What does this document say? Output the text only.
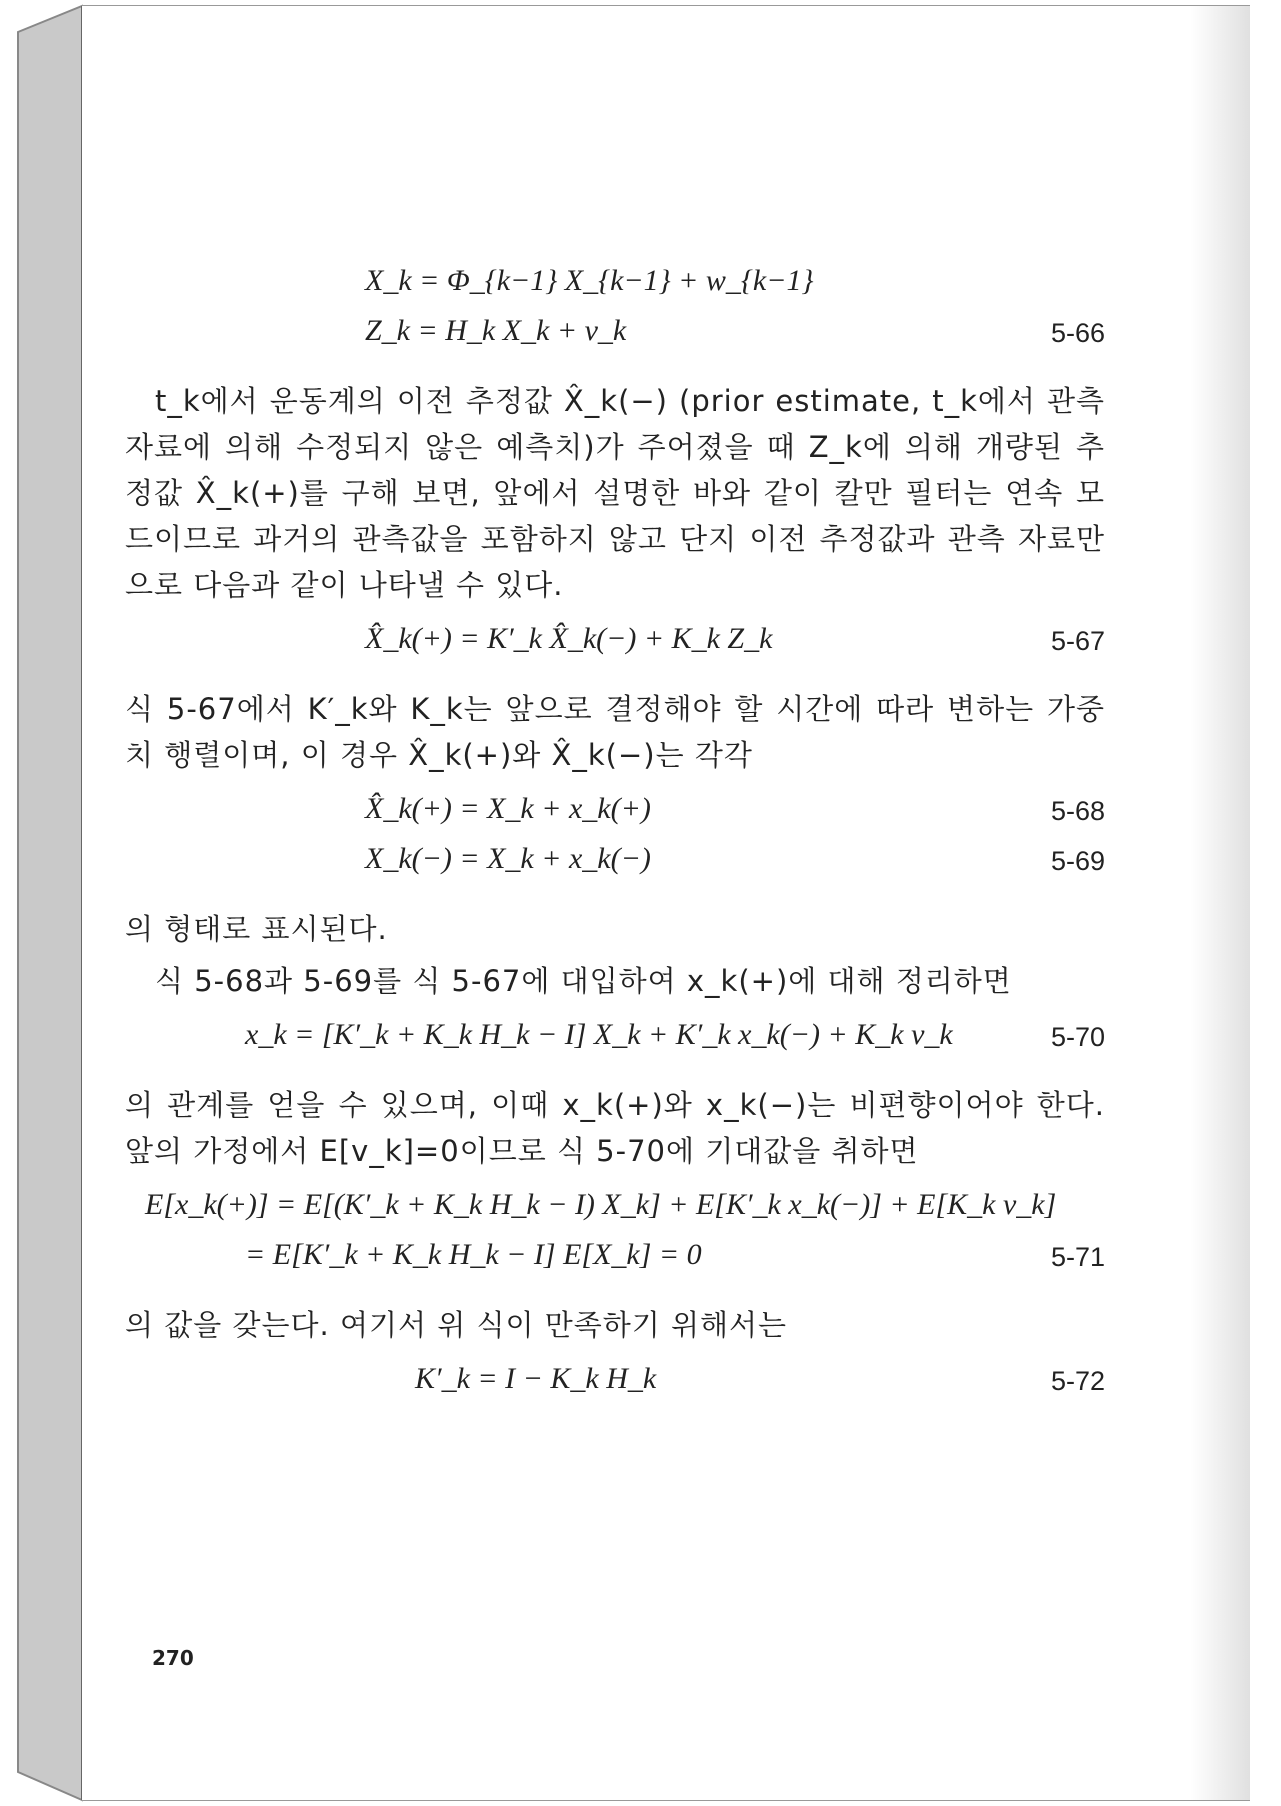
X_k = Φ_{k−1} X_{k−1} + w_{k−1}
Z_k = H_k X_k + v_k	5-66

t_k에서 운동계의 이전 추정값 X̂_k(−) (prior estimate, t_k에서 관측 자료에 의해 수정되지 않은 예측치)가 주어졌을 때 Z_k에 의해 개량된 추정값 X̂_k(+)를 구해 보면, 앞에서 설명한 바와 같이 칼만 필터는 연속 모드이므로 과거의 관측값을 포함하지 않고 단지 이전 추정값과 관측 자료만으로 다음과 같이 나타낼 수 있다.

X̂_k(+) = K′_k X̂_k(−) + K_k Z_k	5-67

식 5-67에서 K′_k와 K_k는 앞으로 결정해야 할 시간에 따라 변하는 가중치 행렬이며, 이 경우 X̂_k(+)와 X̂_k(−)는 각각

X̂_k(+) = X_k + x_k(+)	5-68
X_k(−) = X_k + x_k(−)	5-69

의 형태로 표시된다.

식 5-68과 5-69를 식 5-67에 대입하여 x_k(+)에 대해 정리하면

x_k = [K′_k + K_k H_k − I] X_k + K′_k x_k(−) + K_k v_k	5-70

의 관계를 얻을 수 있으며, 이때 x_k(+)와 x_k(−)는 비편향이어야 한다. 앞의 가정에서 E[v_k]=0이므로 식 5-70에 기대값을 취하면

E[x_k(+)] = E[(K′_k + K_k H_k − I) X_k] + E[K′_k x_k(−)] + E[K_k v_k]
= E[K′_k + K_k H_k − I] E[X_k] = 0	5-71

의 값을 갖는다. 여기서 위 식이 만족하기 위해서는

K′_k = I − K_k H_k	5-72
270
